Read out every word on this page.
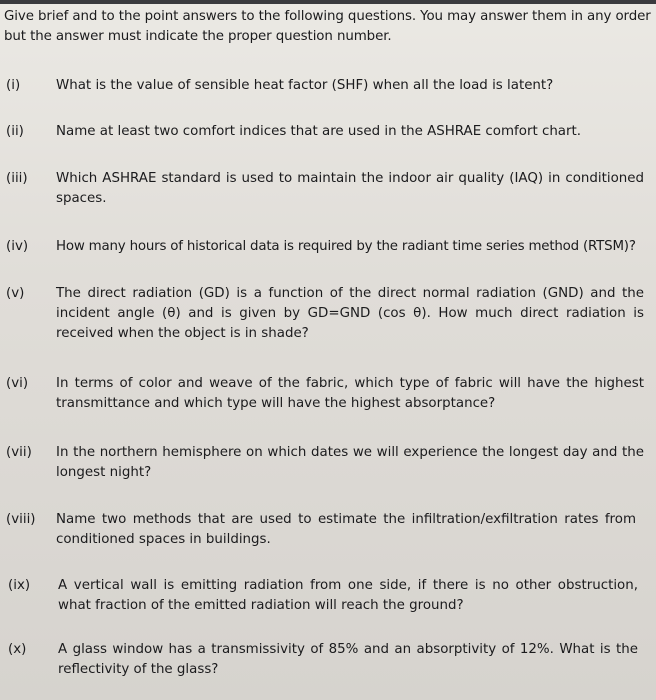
Give brief and to the point answers to the following questions. You may answer them in any order but the answer must indicate the proper question number.
(i)	What is the value of sensible heat factor (SHF) when all the load is latent?
(ii) Name at least two comfort indices that are used in the ASHRAE comfort chart.
(iii) Which ASHRAE standard is used to maintain the indoor air quality (IAQ) in conditioned spaces.
(iv) How many hours of historical data is required by the radiant time series method (RTSM)?
(v) The direct radiation (GD) is a function of the direct normal radiation (GND) and the incident angle (θ) and is given by GD=GND (cos θ). How much direct radiation is received when the object is in shade?
(vi) In terms of color and weave of the fabric, which type of fabric will have the highest transmittance and which type will have the highest absorptance?
(vii) In the northern hemisphere on which dates we will experience the longest day and the longest night?
(viii) Name two methods that are used to estimate the infiltration/exfiltration rates from conditioned spaces in buildings.
(ix) A vertical wall is emitting radiation from one side, if there is no other obstruction, what fraction of the emitted radiation will reach the ground?
(x) A glass window has a transmissivity of 85% and an absorptivity of 12%. What is the reflectivity of the glass?
